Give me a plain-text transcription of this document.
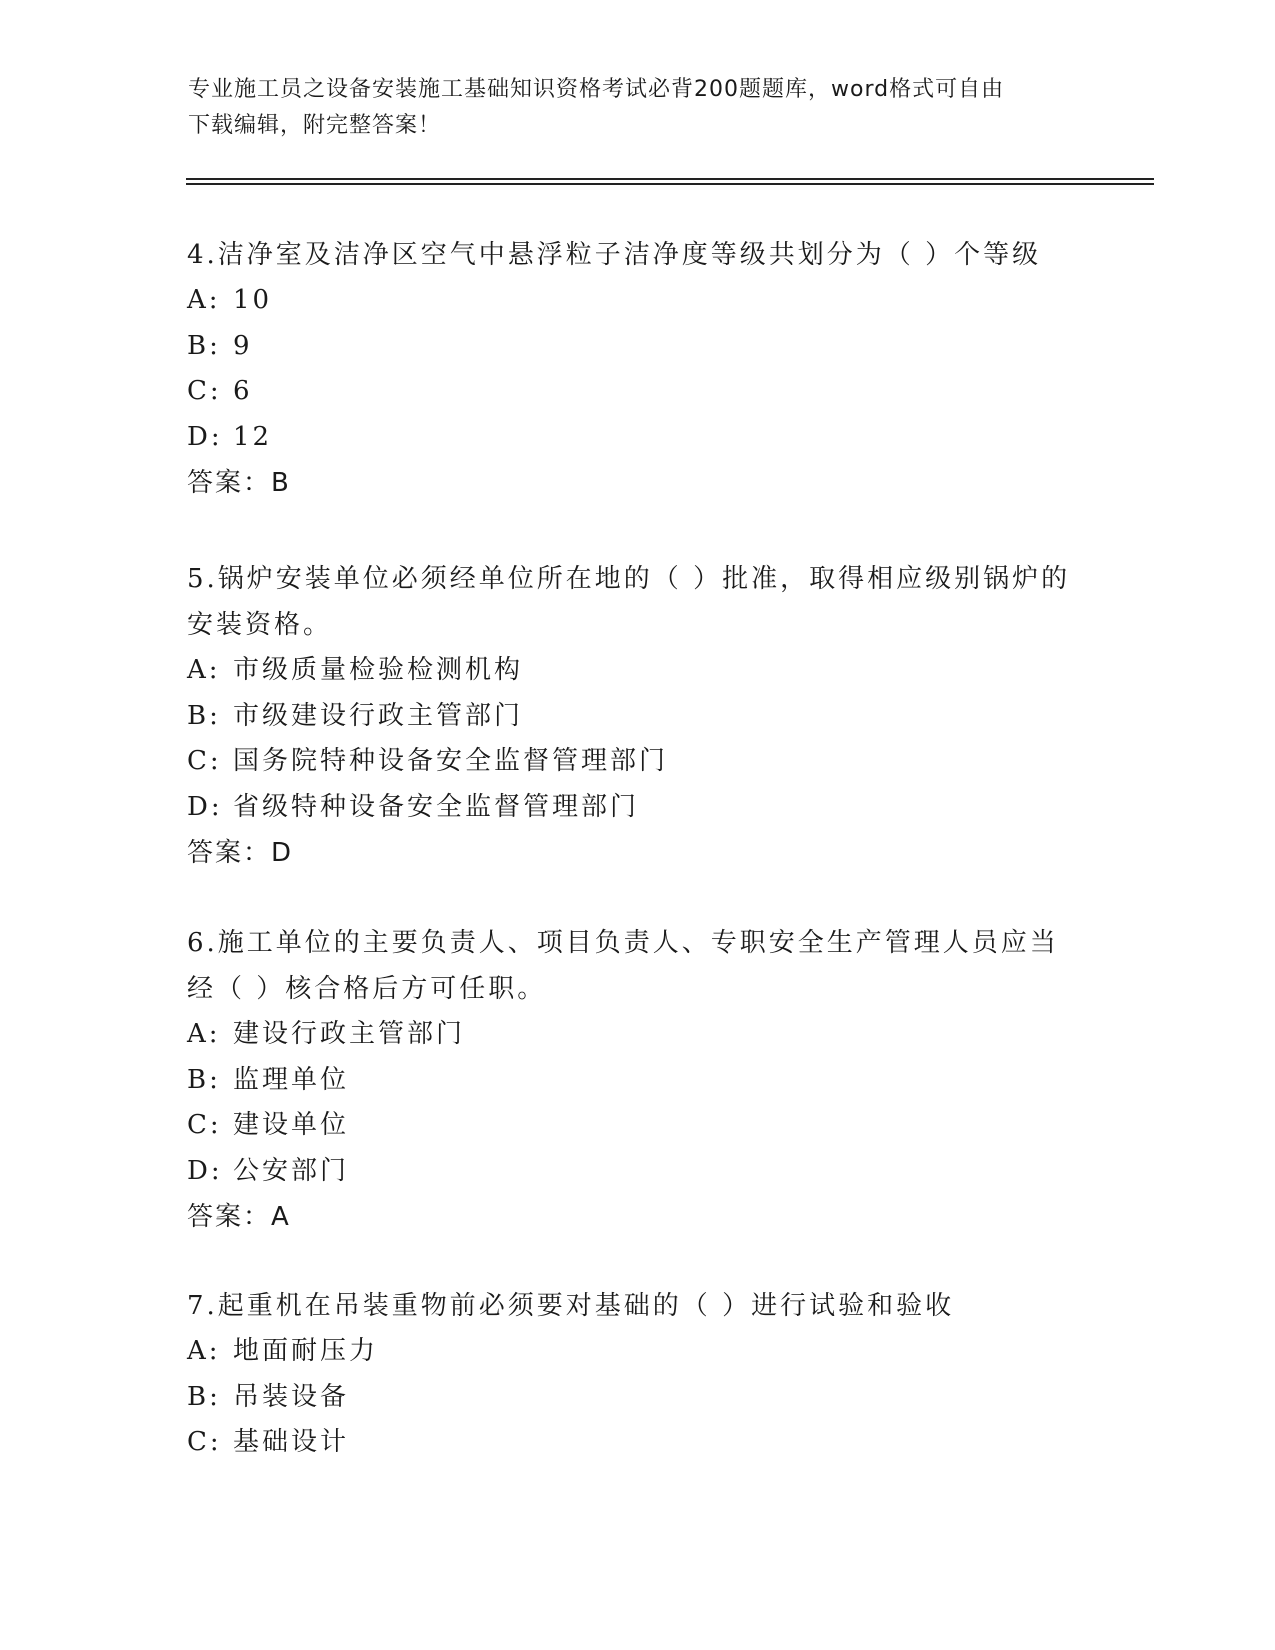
专业施工员之设备安装施工基础知识资格考试必背200题题库，word格式可自由
下载编辑，附完整答案！

4.洁净室及洁净区空气中悬浮粒子洁净度等级共划分为（ ）个等级

A: 10

B: 9

C: 6

D: 12

答案：B

5.锅炉安装单位必须经单位所在地的（ ）批准，取得相应级别锅炉的

安装资格。

A: 市级质量检验检测机构

B: 市级建设行政主管部门

C: 国务院特种设备安全监督管理部门

D: 省级特种设备安全监督管理部门

答案：D

6.施工单位的主要负责人、项目负责人、专职安全生产管理人员应当

经（ ）核合格后方可任职。

A: 建设行政主管部门

B: 监理单位

C: 建设单位

D: 公安部门

答案：A

7.起重机在吊装重物前必须要对基础的（ ）进行试验和验收

A: 地面耐压力

B: 吊装设备

C: 基础设计
